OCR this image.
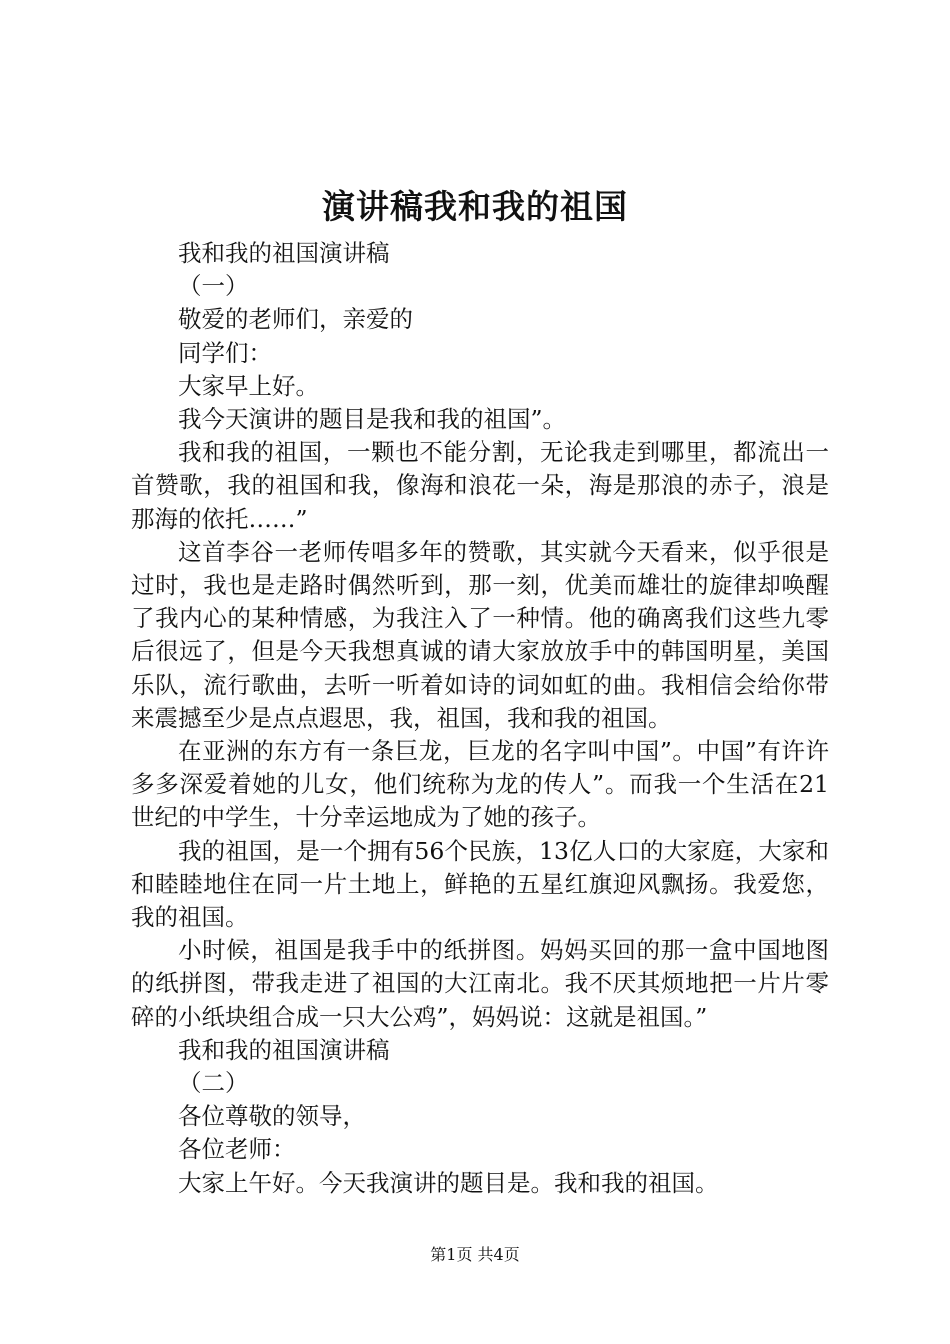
演讲稿我和我的祖国

我和我的祖国演讲稿

（一）

敬爱的老师们，亲爱的

同学们：

大家早上好。

我今天演讲的题目是我和我的祖国”。

我和我的祖国，一颗也不能分割，无论我走到哪里，都流出一首赞歌，我的祖国和我，像海和浪花一朵，海是那浪的赤子，浪是那海的依托……”

这首李谷一老师传唱多年的赞歌，其实就今天看来，似乎很是过时，我也是走路时偶然听到，那一刻，优美而雄壮的旋律却唤醒了我内心的某种情感，为我注入了一种情。他的确离我们这些九零后很远了，但是今天我想真诚的请大家放放手中的韩国明星，美国乐队，流行歌曲，去听一听着如诗的词如虹的曲。我相信会给你带来震撼至少是点点遐思，我，祖国，我和我的祖国。

在亚洲的东方有一条巨龙，巨龙的名字叫中国”。中国”有许许多多深爱着她的儿女，他们统称为龙的传人”。而我一个生活在21世纪的中学生，十分幸运地成为了她的孩子。

我的祖国，是一个拥有56个民族，13亿人口的大家庭，大家和和睦睦地住在同一片土地上，鲜艳的五星红旗迎风飘扬。我爱您，我的祖国。

小时候，祖国是我手中的纸拼图。妈妈买回的那一盒中国地图的纸拼图，带我走进了祖国的大江南北。我不厌其烦地把一片片零碎的小纸块组合成一只大公鸡”，妈妈说：这就是祖国。”

我和我的祖国演讲稿

（二）

各位尊敬的领导，

各位老师：

大家上午好。今天我演讲的题目是。我和我的祖国。

第1页 共4页
